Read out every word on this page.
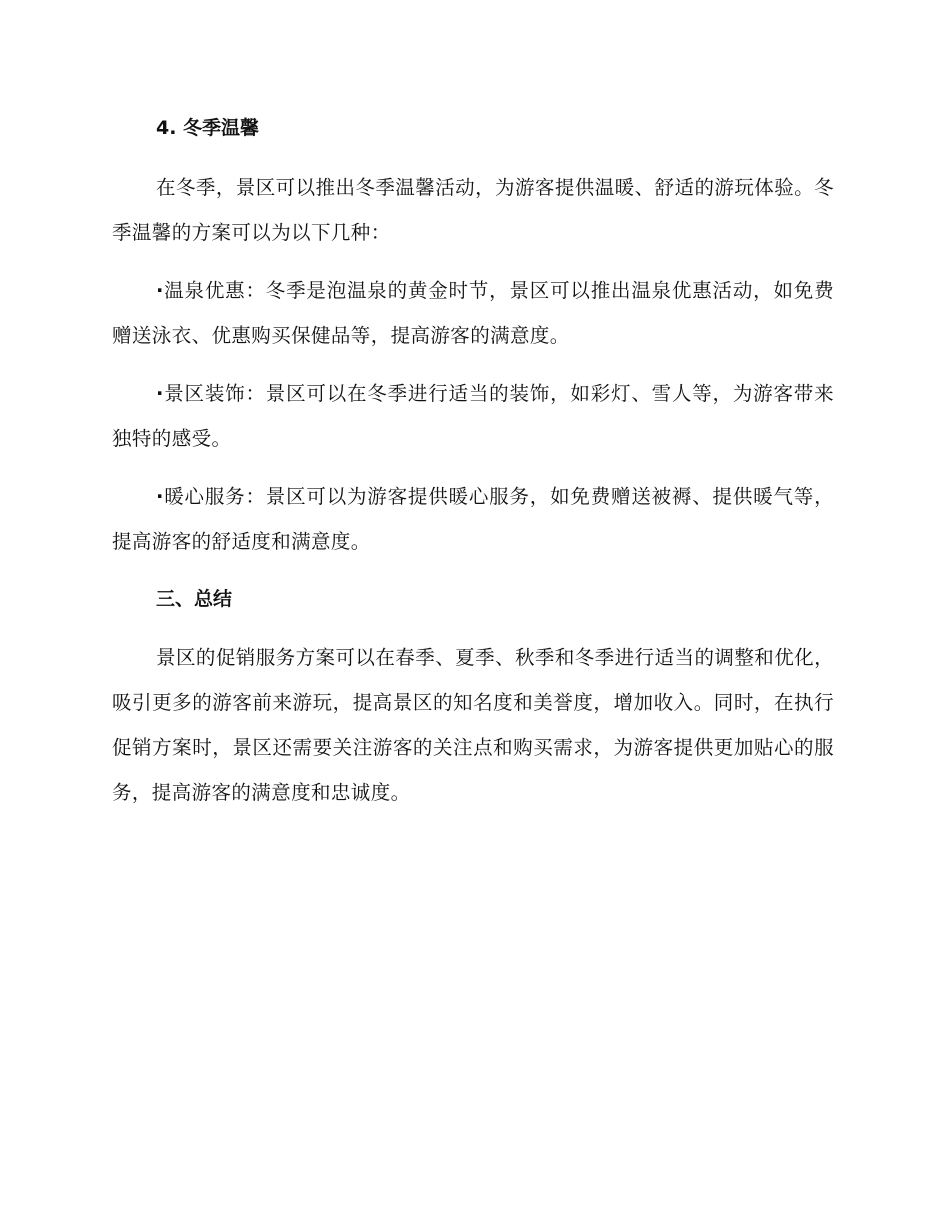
4. 冬季温馨

在冬季，景区可以推出冬季温馨活动，为游客提供温暖、舒适的游玩体验。冬季温馨的方案可以为以下几种：

·温泉优惠：冬季是泡温泉的黄金时节，景区可以推出温泉优惠活动，如免费赠送泳衣、优惠购买保健品等，提高游客的满意度。

·景区装饰：景区可以在冬季进行适当的装饰，如彩灯、雪人等，为游客带来独特的感受。

·暖心服务：景区可以为游客提供暖心服务，如免费赠送被褥、提供暖气等，提高游客的舒适度和满意度。

三、总结

景区的促销服务方案可以在春季、夏季、秋季和冬季进行适当的调整和优化，吸引更多的游客前来游玩，提高景区的知名度和美誉度，增加收入。同时，在执行促销方案时，景区还需要关注游客的关注点和购买需求，为游客提供更加贴心的服务，提高游客的满意度和忠诚度。
